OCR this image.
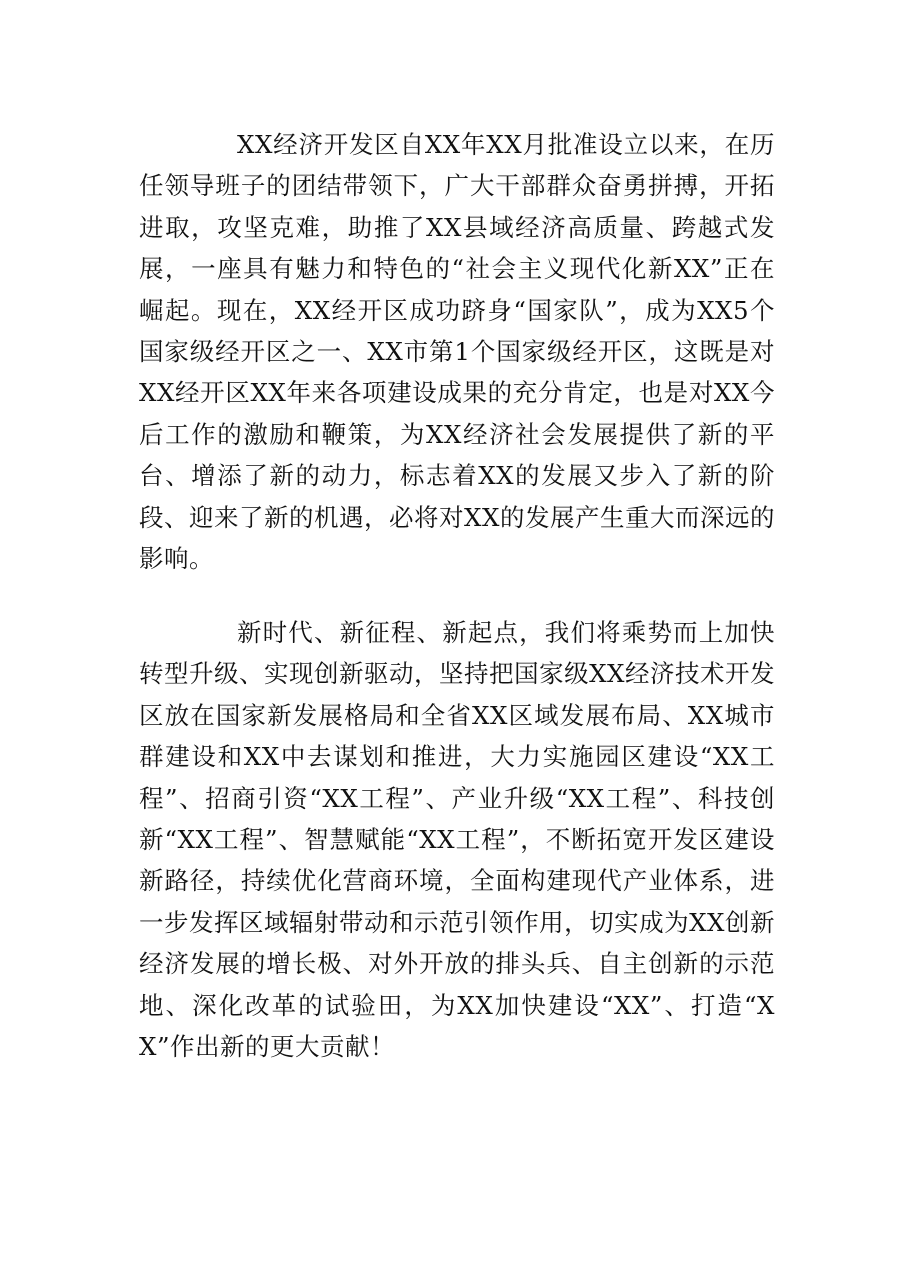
XX经济开发区自XX年XX月批准设立以来，在历任领导班子的团结带领下，广大干部群众奋勇拼搏，开拓进取，攻坚克难，助推了XX县域经济高质量、跨越式发展，一座具有魅力和特色的“社会主义现代化新XX”正在崛起。现在，XX经开区成功跻身“国家队”，成为XX5个国家级经开区之一、XX市第1个国家级经开区，这既是对XX经开区XX年来各项建设成果的充分肯定，也是对XX今后工作的激励和鞭策，为XX经济社会发展提供了新的平台、增添了新的动力，标志着XX的发展又步入了新的阶段、迎来了新的机遇，必将对XX的发展产生重大而深远的影响。

新时代、新征程、新起点，我们将乘势而上加快转型升级、实现创新驱动，坚持把国家级XX经济技术开发区放在国家新发展格局和全省XX区域发展布局、XX城市群建设和XX中去谋划和推进，大力实施园区建设“XX工程”、招商引资“XX工程”、产业升级“XX工程”、科技创新“XX工程”、智慧赋能“XX工程”，不断拓宽开发区建设新路径，持续优化营商环境，全面构建现代产业体系，进一步发挥区域辐射带动和示范引领作用，切实成为XX创新经济发展的增长极、对外开放的排头兵、自主创新的示范地、深化改革的试验田，为XX加快建设“XX”、打造“XX”作出新的更大贡献！
